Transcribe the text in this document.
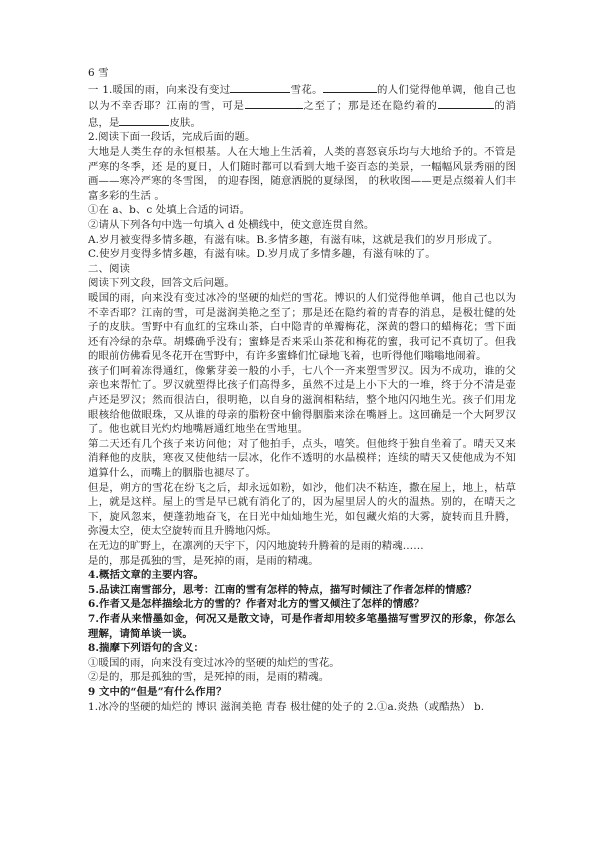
6 雪

一 1.暖国的雨，向来没有变过	雪花。	的人们觉得他单调，他自己也以为不幸否耶？江南的雪，可是	之至了；那是还在隐约着的	的消息，是	皮肤。

2.阅读下面一段话，完成后面的题。

大地是人类生存的永恒根基。人在大地上生活着，人类的喜怒哀乐均与大地给予的。不管是严寒的冬季，还 是的夏日，人们随时都可以看到大地千姿百态的美景，一幅幅风景秀丽的图画——寒冷严寒的冬雪图， 的迎春图，随意洒脱的夏绿图， 的秋收图——更是点缀着人们丰富多彩的生活 。

①在 a、b、c 处填上合适的词语。

②请从下列各句中选一句填入 d 处横线中，使文意连贯自然。

A.岁月被变得多情多趣，有滋有味。B.多情多趣，有滋有味，这就是我们的岁月形成了。

C.使岁月变得多情多趣，有滋有味。D.岁月成了多情多趣，有滋有味的了。

二、阅读

阅读下列文段，回答文后问题。

暖国的雨，向来没有变过冰冷的坚硬的灿烂的雪花。博识的人们觉得他单调，他自己也以为不幸否耶？江南的雪，可是滋润美艳之至了；那是还在隐约着的青春的消息，是极壮健的处子的皮肤。雪野中有血红的宝珠山茶，白中隐青的单瓣梅花，深黄的磬口的蜡梅花；雪下面还有冷绿的杂草。胡蝶确乎没有；蜜蜂是否来采山茶花和梅花的蜜，我可记不真切了。但我的眼前仿佛看见冬花开在雪野中，有许多蜜蜂们忙碌地飞着，也听得他们嗡嗡地闹着。

孩子们呵着冻得通红，像紫芽姜一般的小手，七八个一齐来塑雪罗汉。因为不成功，谁的父亲也来帮忙了。罗汉就塑得比孩子们高得多，虽然不过是上小下大的一堆，终于分不清是壶卢还是罗汉；然而很洁白，很明艳，以自身的滋润相粘结，整个地闪闪地生光。孩子们用龙眼核给他做眼珠，又从谁的母亲的脂粉奁中偷得胭脂来涂在嘴唇上。这回确是一个大阿罗汉了。他也就目光灼灼地嘴唇通红地坐在雪地里。

第二天还有几个孩子来访问他；对了他拍手，点头，嘻笑。但他终于独自坐着了。晴天又来消释他的皮肤，寒夜又使他结一层冰，化作不透明的水晶模样；连续的晴天又使他成为不知道算什么，而嘴上的胭脂也褪尽了。

但是，朔方的雪花在纷飞之后，却永远如粉，如沙，他们决不粘连，撒在屋上，地上，枯草上，就是这样。屋上的雪是早已就有消化了的，因为屋里居人的火的温热。别的，在晴天之下，旋风忽来，便蓬勃地奋飞，在日光中灿灿地生光，如包藏火焰的大雾，旋转而且升腾，弥漫太空，使太空旋转而且升腾地闪烁。

在无边的旷野上，在凛冽的天宇下，闪闪地旋转升腾着的是雨的精魂……

是的，那是孤独的雪，是死掉的雨，是雨的精魂。

4.概括文章的主要内容。

5.品读江南雪部分，思考：江南的雪有怎样的特点，描写时倾注了作者怎样的情感？

6.作者又是怎样描绘北方的雪的？作者对北方的雪又倾注了怎样的情感？

7.作者从来惜墨如金，何况又是散文诗，可是作者却用较多笔墨描写雪罗汉的形象，你怎么理解，请简单谈一谈。

8.揣摩下列语句的含义：

①暖国的雨，向来没有变过冰冷的坚硬的灿烂的雪花。

②是的，那是孤独的雪，是死掉的雨，是雨的精魂。

9 文中的“但是”有什么作用？

1.冰冷的坚硬的灿烂的 博识 滋润美艳 青春 极壮健的处子的 2.①a.炎热（或酷热） b.
